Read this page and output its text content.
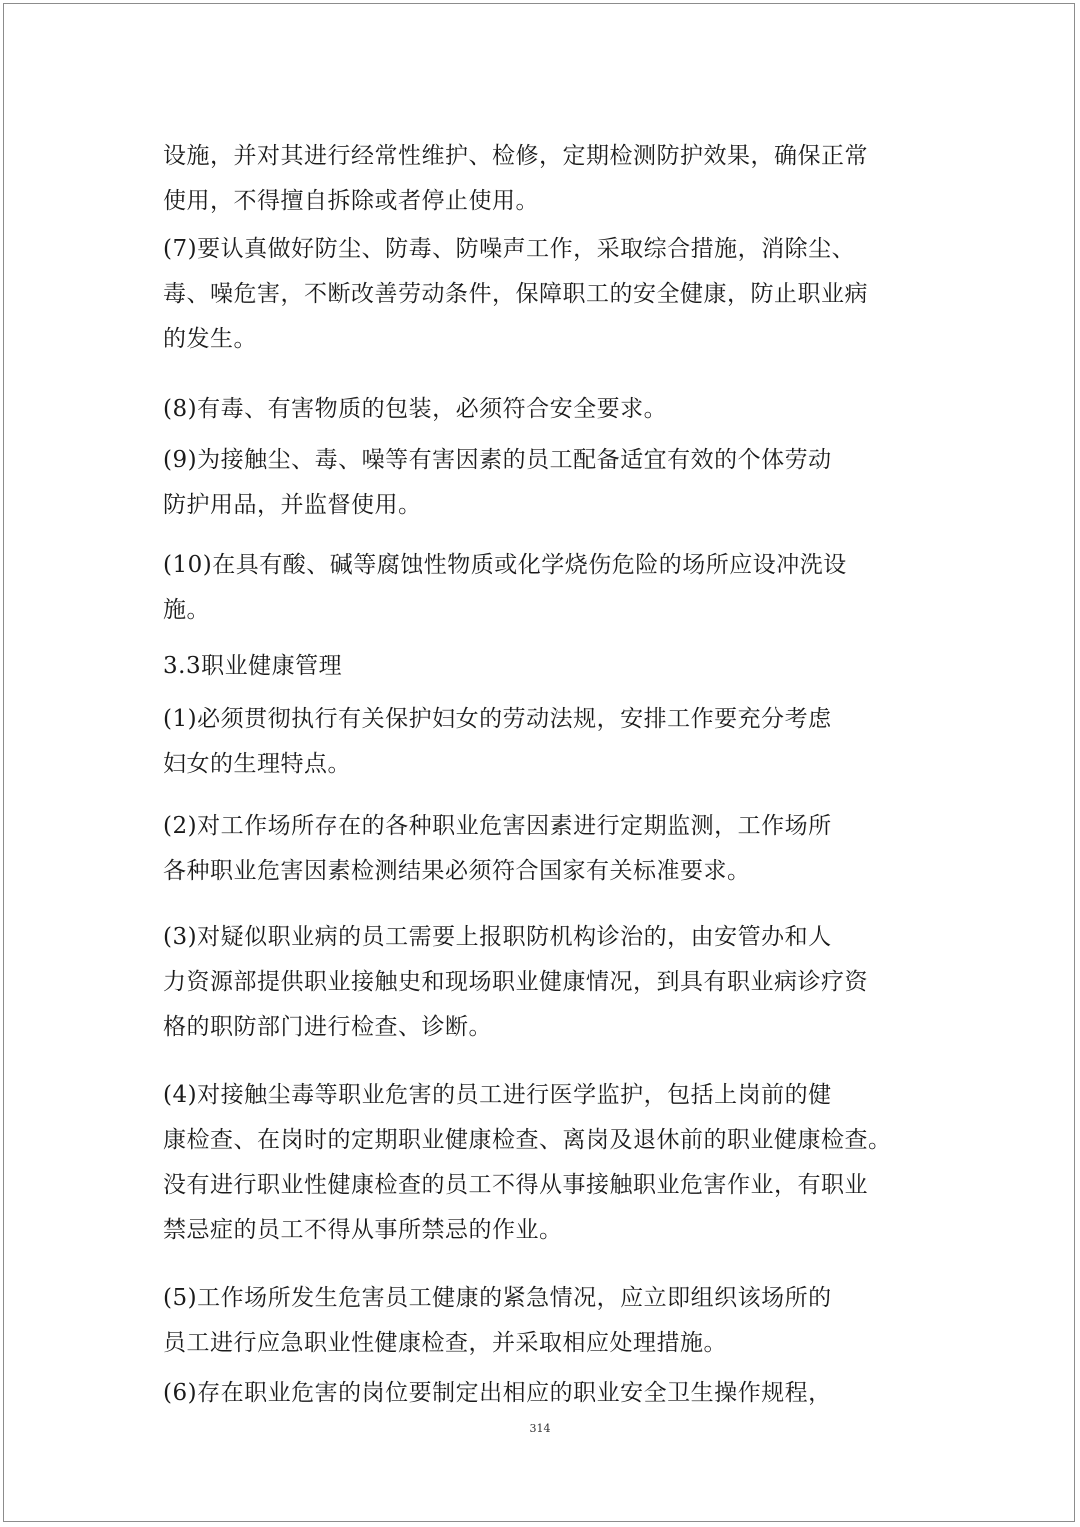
设施，并对其进行经常性维护、检修，定期检测防护效果，确保正常
使用，不得擅自拆除或者停止使用。

(7)要认真做好防尘、防毒、防噪声工作，采取综合措施，消除尘、
毒、噪危害，不断改善劳动条件，保障职工的安全健康，防止职业病
的发生。

(8)有毒、有害物质的包装，必须符合安全要求。

(9)为接触尘、毒、噪等有害因素的员工配备适宜有效的个体劳动
防护用品，并监督使用。

(10)在具有酸、碱等腐蚀性物质或化学烧伤危险的场所应设冲洗设
施。

3.3职业健康管理

(1)必须贯彻执行有关保护妇女的劳动法规，安排工作要充分考虑
妇女的生理特点。

(2)对工作场所存在的各种职业危害因素进行定期监测，工作场所
各种职业危害因素检测结果必须符合国家有关标准要求。

(3)对疑似职业病的员工需要上报职防机构诊治的，由安管办和人
力资源部提供职业接触史和现场职业健康情况，到具有职业病诊疗资
格的职防部门进行检查、诊断。

(4)对接触尘毒等职业危害的员工进行医学监护，包括上岗前的健
康检查、在岗时的定期职业健康检查、离岗及退休前的职业健康检查。
没有进行职业性健康检查的员工不得从事接触职业危害作业，有职业
禁忌症的员工不得从事所禁忌的作业。

(5)工作场所发生危害员工健康的紧急情况，应立即组织该场所的
员工进行应急职业性健康检查，并采取相应处理措施。

(6)存在职业危害的岗位要制定出相应的职业安全卫生操作规程，

314
